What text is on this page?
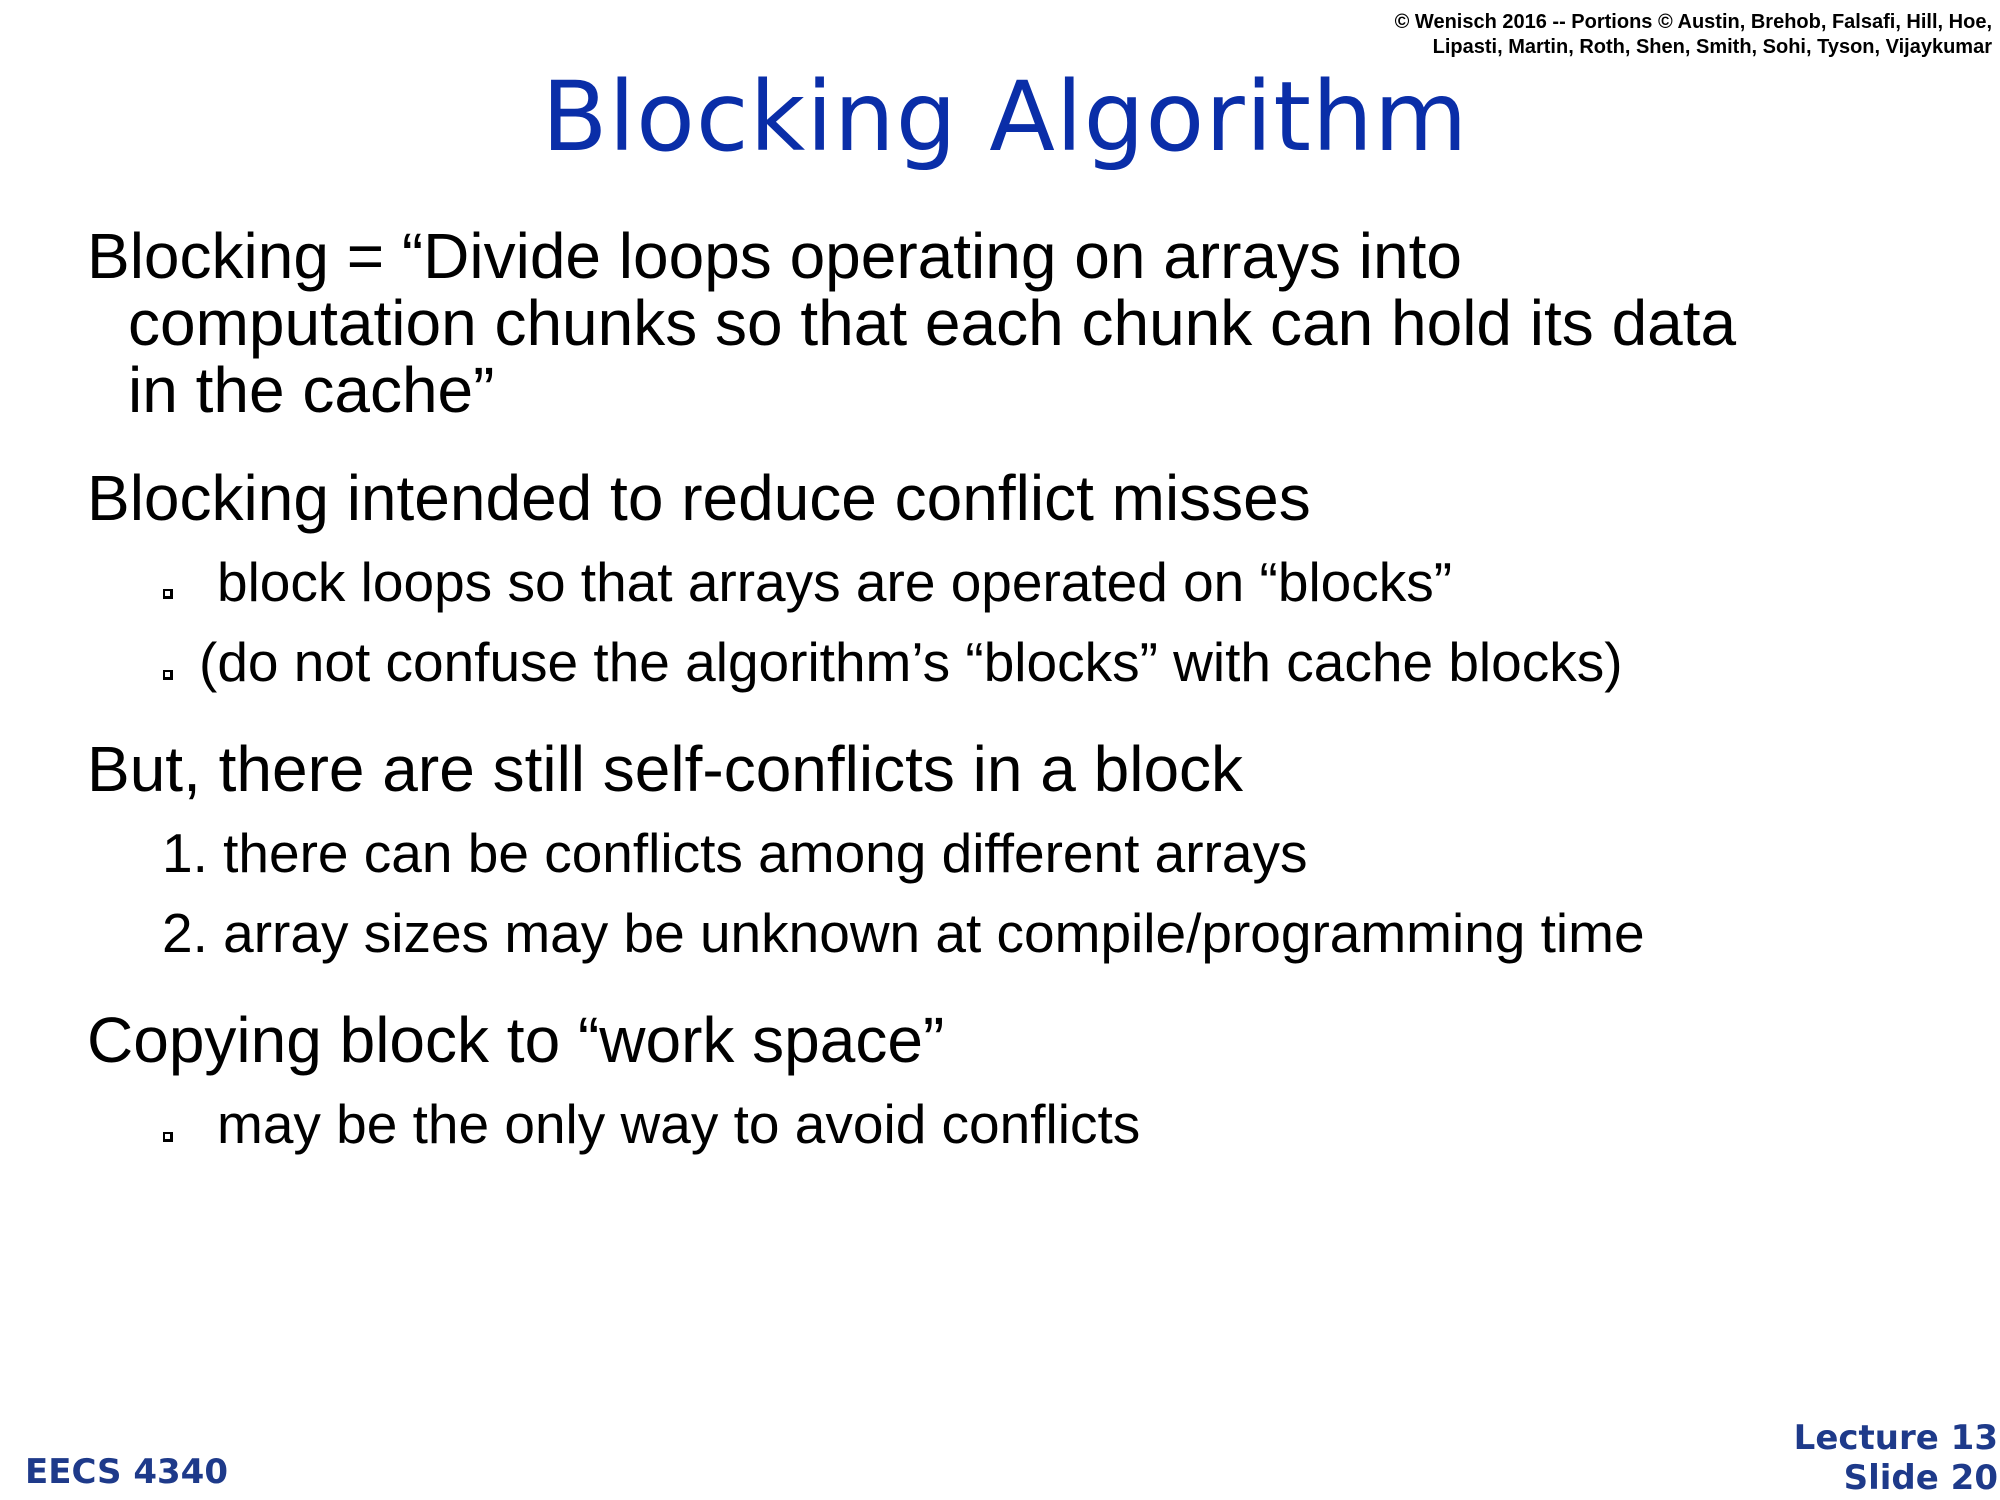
© Wenisch 2016 -- Portions © Austin, Brehob, Falsafi, Hill, Hoe,
Lipasti, Martin, Roth, Shen, Smith, Sohi, Tyson, Vijaykumar
Blocking Algorithm
Blocking = “Divide loops operating on arrays into
computation chunks so that each chunk can hold its data
in the cache”
Blocking intended to reduce conflict misses
block loops so that arrays are operated on “blocks”
(do not confuse the algorithm’s “blocks” with cache blocks)
But, there are still self-conflicts in a block
1. there can be conflicts among different arrays
2. array sizes may be unknown at compile/programming time
Copying block to “work space”
may be the only way to avoid conflicts
EECS 4340
Lecture 13
Slide 20
